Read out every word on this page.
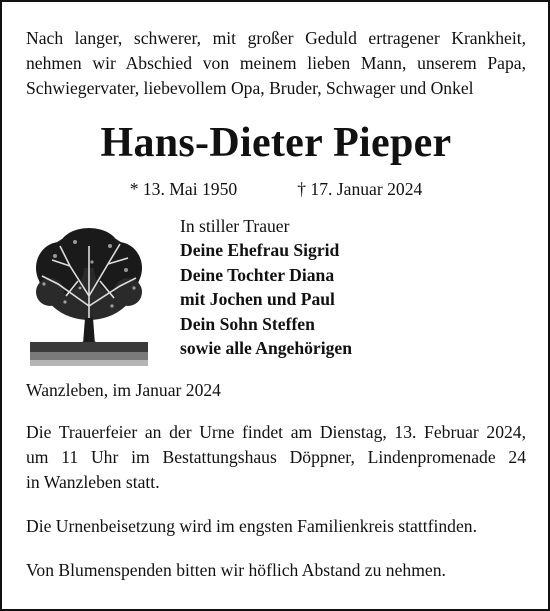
Nach langer, schwerer, mit großer Geduld ertragener Krankheit,
nehmen wir Abschied von meinem lieben Mann, unserem Papa,
Schwiegervater, liebevollem Opa, Bruder, Schwager und Onkel

Hans-Dieter Pieper
* 13. Mai 1950	† 17. Januar 2024
In stiller Trauer
Deine Ehefrau Sigrid
Deine Tochter Diana
mit Jochen und Paul
Dein Sohn Steffen
sowie alle Angehörigen
Wanzleben, im Januar 2024

Die Trauerfeier an der Urne findet am Dienstag, 13. Februar 2024,
um 11 Uhr im Bestattungshaus Döppner, Lindenpromenade 24
in Wanzleben statt.

Die Urnenbeisetzung wird im engsten Familienkreis stattfinden.

Von Blumenspenden bitten wir höflich Abstand zu nehmen.
